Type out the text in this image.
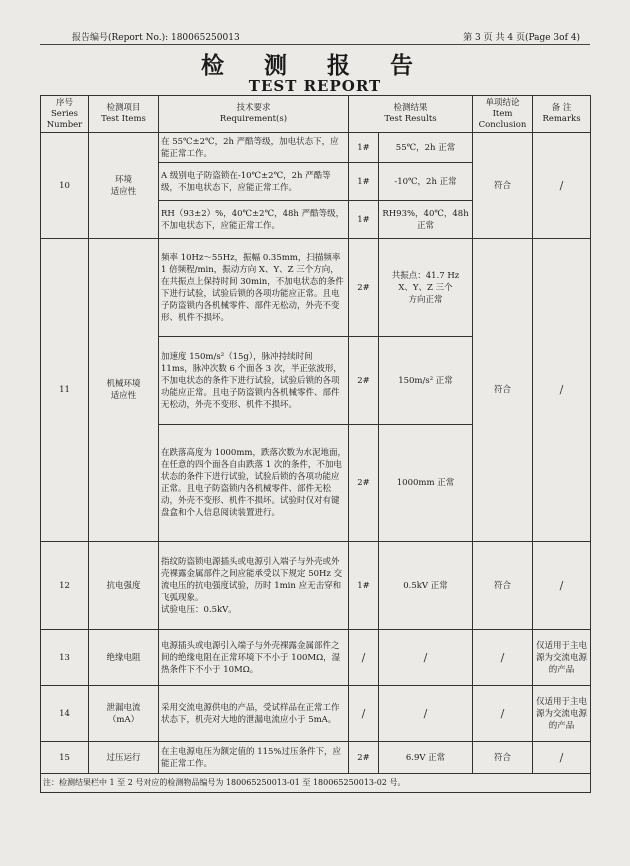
报告编号(Report No.): 180065250013	第 3 页 共 4 页(Page 3of 4)
检 测 报 告
TEST REPORT
序号
Series
Number	检测项目
Test Items	技术要求
Requirement(s)	检测结果
Test Results		单项结论
Item
Conclusion	备 注
Remarks
10	环境
适应性	在 55℃±2℃，2h 严酷等级，加电状态下，应能正常工作。	1#	55℃，2h 正常	符合	/
		A 级别电子防盗锁在-10℃±2℃，2h 严酷等级，不加电状态下，应能正常工作。	1#	-10℃，2h 正常		
		RH（93±2）%，40℃±2℃，48h 严酷等级，不加电状态下，应能正常工作。	1#	RH93%，40℃，48h 正常		
11	机械环境
适应性	频率 10Hz～55Hz，振幅 0.35mm，扫描频率 1 倍频程/min，振动方向 X、Y、Z 三个方向，在共振点上保持时间 30min，不加电状态的条件下进行试验，试验后锁的各项功能应正常。且电子防盗锁内各机械零件、部件无松动，外壳不变形、机件不损坏。	2#	共振点：41.7 Hz
X、Y、Z 三个
方向正常	符合	/
		加速度 150m/s²（15g），脉冲持续时间 11ms，脉冲次数 6 个面各 3 次，半正弦波形，不加电状态的条件下进行试验，试验后锁的各项功能应正常。且电子防盗锁内各机械零件、部件无松动，外壳不变形、机件不损坏。	2#	150m/s² 正常		
		在跌落高度为 1000mm，跌落次数为水泥地面，在任意的四个面各自由跌落 1 次的条件，不加电状态的条件下进行试验，试验后锁的各项功能应正常。且电子防盗锁内各机械零件、部件无松动，外壳不变形、机件不损坏。试验时仅对有键盘盒和个人信息阅读装置进行。	2#	1000mm 正常		
12	抗电强度	指纹防盗锁电源插头或电源引入端子与外壳或外壳裸露金属部件之间应能承受以下规定 50Hz 交流电压的抗电强度试验，历时 1min 应无击穿和飞弧现象。
试验电压：0.5kV。	1#	0.5kV 正常	符合	/
13	绝缘电阻	电源插头或电源引入端子与外壳裸露金属部件之间的绝缘电阻在正常环境下不小于 100MΩ，湿热条件下不小于 10MΩ。	/	/	/	仅适用于主电源为交流电源的产品
14	泄漏电流
（mA）	采用交流电源供电的产品，受试样品在正常工作状态下，机壳对大地的泄漏电流应小于 5mA。	/	/	/	仅适用于主电源为交流电源的产品
15	过压运行	在主电源电压为额定值的 115%过压条件下，应能正常工作。	2#	6.9V 正常	符合	/
注：检测结果栏中 1 至 2 号对应的检测物品编号为 180065250013-01 至 180065250013-02 号。						
